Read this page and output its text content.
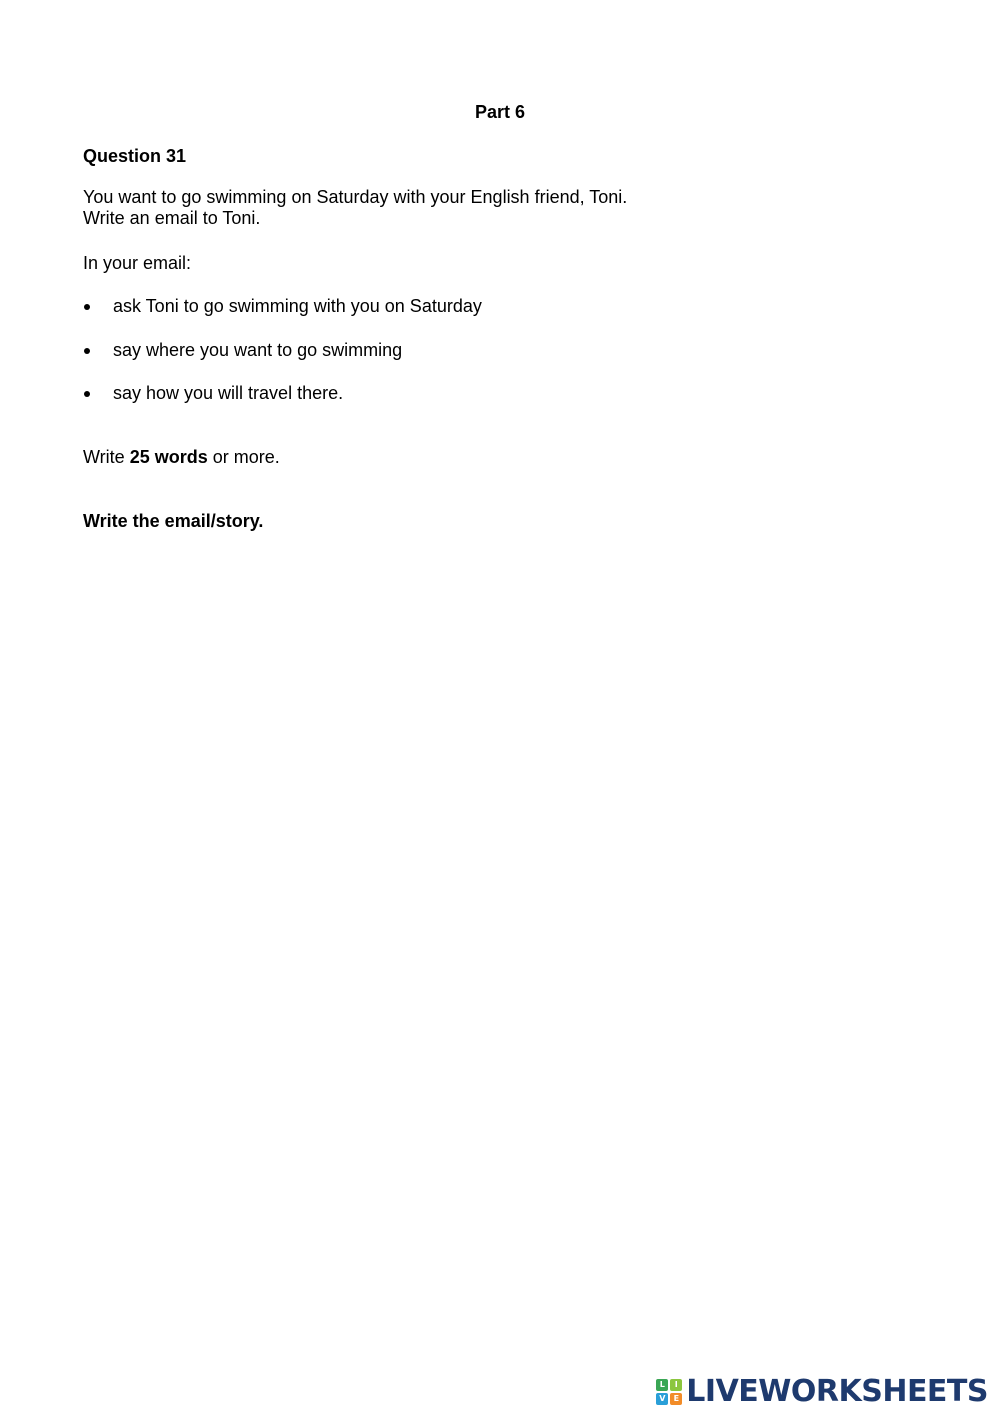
Part 6
Question 31
You want to go swimming on Saturday with your English friend, Toni.
Write an email to Toni.
In your email:
ask Toni to go swimming with you on Saturday
say where you want to go swimming
say how you will travel there.
Write 25 words or more.
Write the email/story.
L	I
V	E LIVEWORKSHEETS
